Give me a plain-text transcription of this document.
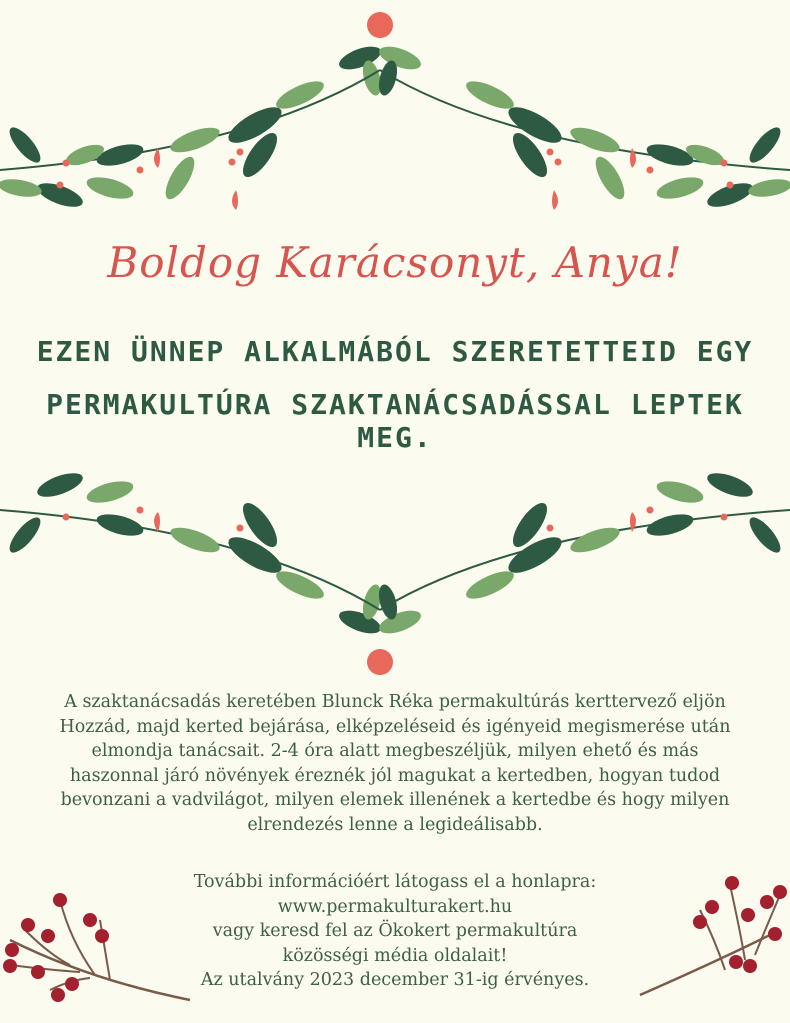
Boldog Karácsonyt, Anya!
EZEN ÜNNEP ALKALMÁBÓL SZERETETTEID EGY
PERMAKULTÚRA SZAKTANÁCSADÁSSAL LEPTEK MEG.
A szaktanácsadás keretében Blunck Réka permakultúrás kerttervező eljön Hozzád, majd kerted bejárása, elképzeléseid és igényeid megismerése után elmondja tanácsait. 2-4 óra alatt megbeszéljük, milyen ehető és más haszonnal járó növények éreznék jól magukat a kertedben, hogyan tudod bevonzani a vadvilágot, milyen elemek illenének a kertedbe és hogy milyen elrendezés lenne a legideálisabb.
További információért látogass el a honlapra:
www.permakulturakert.hu
vagy keresd fel az Ökokert permakultúra
közösségi média oldalait!
Az utalvány 2023 december 31-ig érvényes.
